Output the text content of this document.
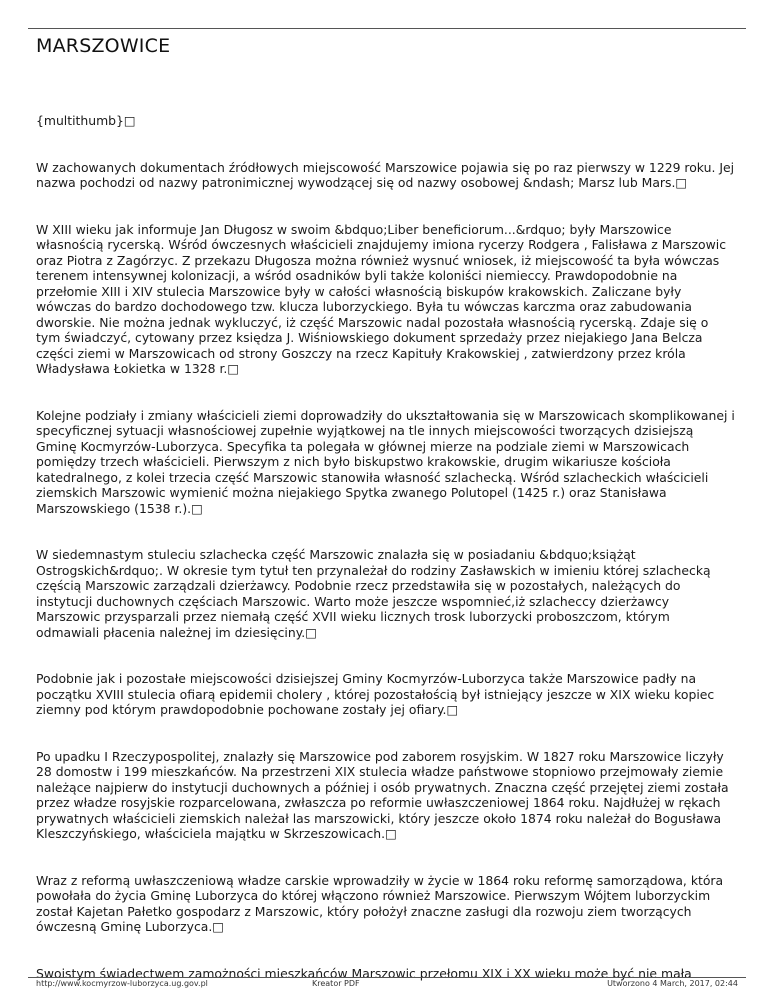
MARSZOWICE

{multithumb}□

W zachowanych dokumentach źródłowych miejscowość Marszowice pojawia się po raz pierwszy w 1229 roku. Jej nazwa pochodzi od nazwy patronimicznej wywodzącej się od nazwy osobowej &ndash; Marsz lub Mars.□

W XIII wieku jak informuje Jan Długosz w swoim &bdquo;Liber beneficiorum...&rdquo; były Marszowice własnością rycerską. Wśród ówczesnych właścicieli znajdujemy imiona rycerzy Rodgera , Falisława z Marszowic oraz Piotra z Zagórzyc. Z przekazu Długosza można również wysnuć wniosek, iż miejscowość ta była wówczas terenem intensywnej kolonizacji, a wśród osadników byli także koloniści niemieccy. Prawdopodobnie na przełomie XIII i XIV stulecia Marszowice były w całości własnością biskupów krakowskich. Zaliczane były wówczas do bardzo dochodowego tzw. klucza luborzyckiego. Była tu wówczas karczma oraz zabudowania dworskie. Nie można jednak wykluczyć, iż część Marszowic nadal pozostała własnością rycerską. Zdaje się o tym świadczyć, cytowany przez księdza J. Wiśniowskiego dokument sprzedaży przez niejakiego Jana Belcza części ziemi w Marszowicach od strony Goszczy na rzecz Kapituły Krakowskiej , zatwierdzony przez króla Władysława Łokietka w 1328 r.□

Kolejne podziały i zmiany właścicieli ziemi doprowadziły do ukształtowania się w Marszowicach skomplikowanej i specyficznej sytuacji własnościowej zupełnie wyjątkowej na tle innych miejscowości tworzących dzisiejszą Gminę Kocmyrzów-Luborzyca. Specyfika ta polegała w głównej mierze na podziale ziemi w Marszowicach pomiędzy trzech właścicieli. Pierwszym z nich było biskupstwo krakowskie, drugim wikariusze kościoła katedralnego, z kolei trzecia część Marszowic stanowiła własność szlachecką. Wśród szlacheckich właścicieli ziemskich Marszowic wymienić można niejakiego Spytka zwanego Polutopel (1425 r.) oraz Stanisława Marszowskiego (1538 r.).□

W siedemnastym stuleciu szlachecka część Marszowic znalazła się w posiadaniu &bdquo;książąt Ostrogskich&rdquo;. W okresie tym tytuł ten przynależał do rodziny Zasławskich w imieniu której szlachecką częścią Marszowic zarządzali dzierżawcy. Podobnie rzecz przedstawiła się w pozostałych, należących do instytucji duchownych częściach Marszowic. Warto może jeszcze wspomnieć,iż szlacheccy dzierżawcy Marszowic przysparzali przez niemałą część XVII wieku licznych trosk luborzycki proboszczom, którym odmawiali płacenia należnej im dziesięciny.□

Podobnie jak i pozostałe miejscowości dzisiejszej Gminy Kocmyrzów-Luborzyca także Marszowice padły na początku XVIII stulecia ofiarą epidemii cholery , której pozostałością był istniejący jeszcze w XIX wieku kopiec ziemny pod którym prawdopodobnie pochowane zostały jej ofiary.□

Po upadku I Rzeczypospolitej, znalazły się Marszowice pod zaborem rosyjskim. W 1827 roku Marszowice liczyły 28 domostw i 199 mieszkańców. Na przestrzeni XIX stulecia władze państwowe stopniowo przejmowały ziemie należące najpierw do instytucji duchownych a później i osób prywatnych. Znaczna część przejętej ziemi została przez władze rosyjskie rozparcelowana, zwłaszcza po reformie uwłaszczeniowej 1864 roku. Najdłużej w rękach prywatnych właścicieli ziemskich należał las marszowicki, który jeszcze około 1874 roku należał do Bogusława Kleszczyńskiego, właściciela majątku w Skrzeszowicach.□

Wraz z reformą uwłaszczeniową władze carskie wprowadziły w życie w 1864 roku reformę samorządowa, która powołała do życia Gminę Luborzyca do której włączono również Marszowice. Pierwszym Wójtem luborzyckim został Kajetan Pałetko gospodarz z Marszowic, który położył znaczne zasługi dla rozwoju ziem tworzących ówczesną Gminę Luborzyca.□

Swoistym świadectwem zamożności mieszkańców Marszowic przełomu XIX i XX wieku może być nie mała

http://www.kocmyrzow-luborzyca.ug.gov.pl	Kreator PDF	Utworzono 4 March, 2017, 02:44
